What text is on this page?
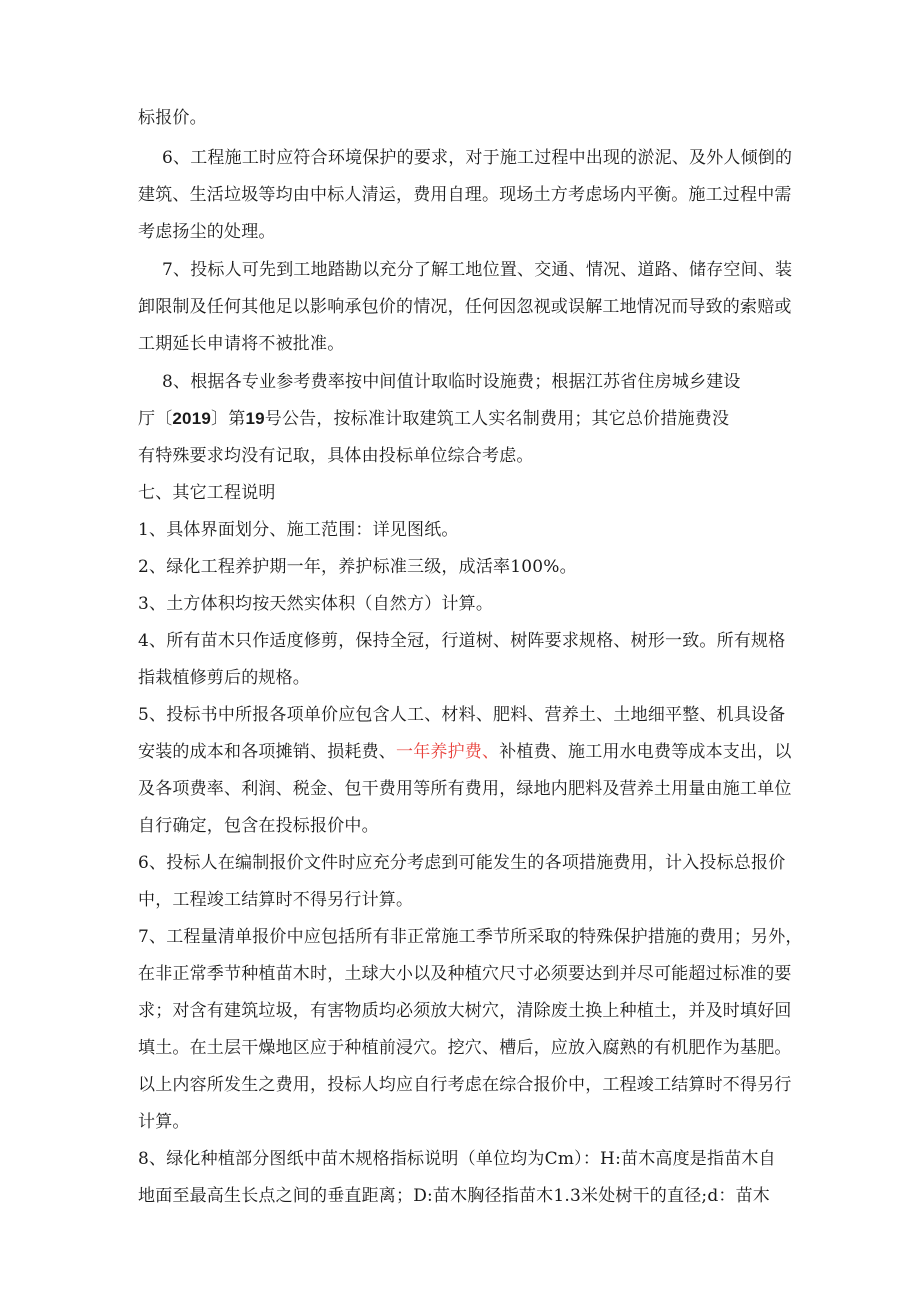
标报价。
6、工程施工时应符合环境保护的要求，对于施工过程中出现的淤泥、及外人倾倒的
建筑、生活垃圾等均由中标人清运，费用自理。现场土方考虑场内平衡。施工过程中需
考虑扬尘的处理。
7、投标人可先到工地踏勘以充分了解工地位置、交通、情况、道路、储存空间、装
卸限制及任何其他足以影响承包价的情况，任何因忽视或误解工地情况而导致的索赔或
工期延长申请将不被批准。
8、根据各专业参考费率按中间值计取临时设施费；根据江苏省住房城乡建设
厅〔2019〕第19号公告，按标准计取建筑工人实名制费用；其它总价措施费没
有特殊要求均没有记取，具体由投标单位综合考虑。
七、其它工程说明
1、具体界面划分、施工范围：详见图纸。
2、绿化工程养护期一年，养护标准三级，成活率100%。
3、土方体积均按天然实体积（自然方）计算。
4、所有苗木只作适度修剪，保持全冠，行道树、树阵要求规格、树形一致。所有规格
指栽植修剪后的规格。
5、投标书中所报各项单价应包含人工、材料、肥料、营养土、土地细平整、机具设备
安装的成本和各项摊销、损耗费、一年养护费、补植费、施工用水电费等成本支出，以
及各项费率、利润、税金、包干费用等所有费用，绿地内肥料及营养土用量由施工单位
自行确定，包含在投标报价中。
6、投标人在编制报价文件时应充分考虑到可能发生的各项措施费用，计入投标总报价
中，工程竣工结算时不得另行计算。
7、工程量清单报价中应包括所有非正常施工季节所采取的特殊保护措施的费用；另外，
在非正常季节种植苗木时，土球大小以及种植穴尺寸必须要达到并尽可能超过标准的要
求；对含有建筑垃圾，有害物质均必须放大树穴，清除废土换上种植土，并及时填好回
填土。在土层干燥地区应于种植前浸穴。挖穴、槽后，应放入腐熟的有机肥作为基肥。
以上内容所发生之费用，投标人均应自行考虑在综合报价中，工程竣工结算时不得另行
计算。
8、绿化种植部分图纸中苗木规格指标说明（单位均为Cm）：H:苗木高度是指苗木自
地面至最高生长点之间的垂直距离；D:苗木胸径指苗木1.3米处树干的直径;d：苗木
